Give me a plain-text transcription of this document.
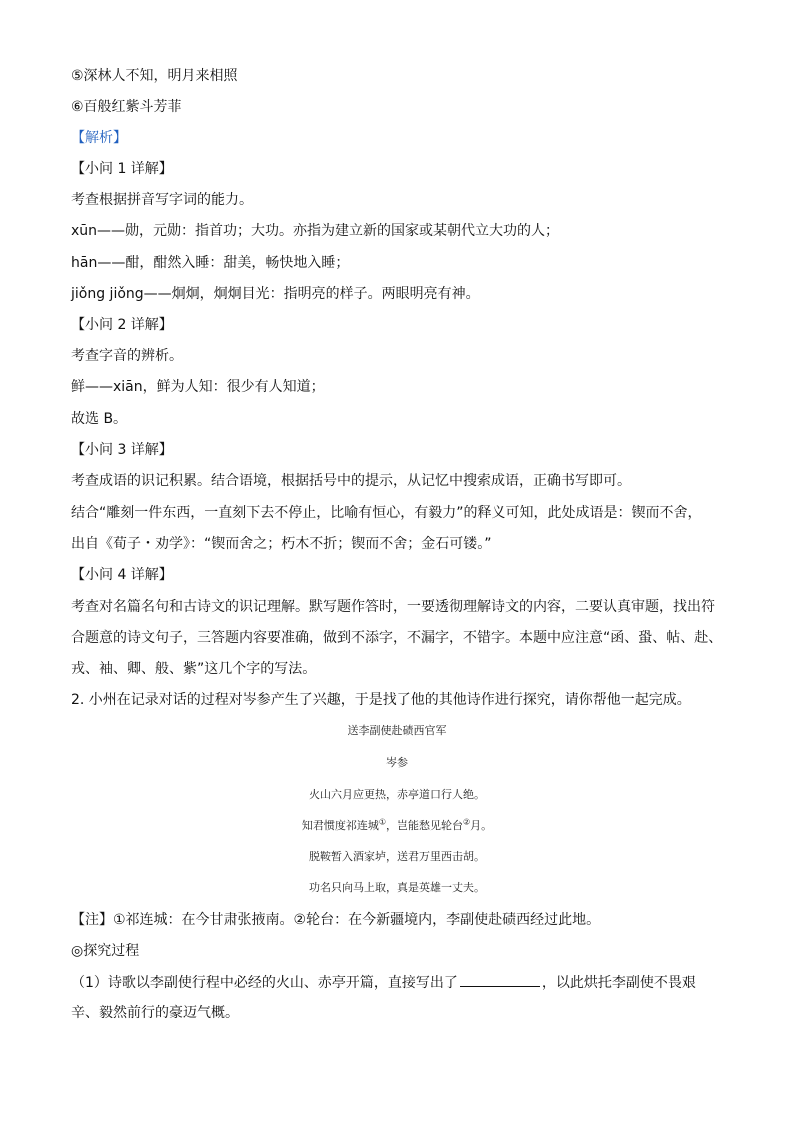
⑤深林人不知，明月来相照
⑥百般红紫斗芳菲
【解析】
【小问 1 详解】
考查根据拼音写字词的能力。
xūn——勋，元勋：指首功；大功。亦指为建立新的国家或某朝代立大功的人；
hān——酣，酣然入睡：甜美，畅快地入睡；
jiǒng jiǒng——炯炯，炯炯目光：指明亮的样子。两眼明亮有神。
【小问 2 详解】
考查字音的辨析。
鲜——xiān，鲜为人知：很少有人知道；
故选 B。
【小问 3 详解】
考查成语的识记积累。结合语境，根据括号中的提示，从记忆中搜索成语，正确书写即可。
结合“雕刻一件东西，一直刻下去不停止，比喻有恒心，有毅力”的释义可知，此处成语是：锲而不舍，
出自《荀子・劝学》：“锲而舍之；朽木不折；锲而不舍；金石可镂。”
【小问 4 详解】
考查对名篇名句和古诗文的识记理解。默写题作答时，一要透彻理解诗文的内容，二要认真审题，找出符
合题意的诗文句子，三答题内容要准确，做到不添字，不漏字，不错字。本题中应注意“函、蛩、帖、赴、
戎、袖、卿、般、紫”这几个字的写法。
2. 小州在记录对话的过程对岑参产生了兴趣，于是找了他的其他诗作进行探究，请你帮他一起完成。
送李副使赴碛西官军
岑参
火山六月应更热，赤亭道口行人绝。
知君惯度祁连城①，岂能愁见轮台②月。
脱鞍暂入酒家垆，送君万里西击胡。
功名只向马上取，真是英雄一丈夫。
【注】①祁连城：在今甘肃张掖南。②轮台：在今新疆境内，李副使赴碛西经过此地。
◎探究过程
（1）诗歌以李副使行程中必经的火山、赤亭开篇，直接写出了	，以此烘托李副使不畏艰
辛、毅然前行的豪迈气概。
